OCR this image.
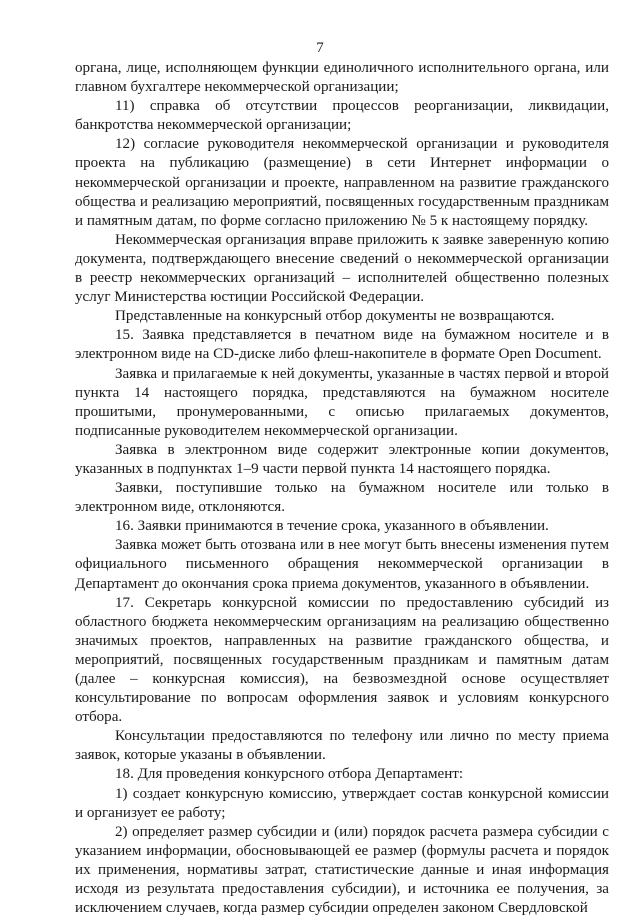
7

органа, лице, исполняющем функции единоличного исполнительного органа, или главном бухгалтере некоммерческой организации;

11) справка об отсутствии процессов реорганизации, ликвидации, банкротства некоммерческой организации;

12) согласие руководителя некоммерческой организации и руководителя проекта на публикацию (размещение) в сети Интернет информации о некоммерческой организации и проекте, направленном на развитие гражданского общества и реализацию мероприятий, посвященных государственным праздникам и памятным датам, по форме согласно приложению № 5 к настоящему порядку.

Некоммерческая организация вправе приложить к заявке заверенную копию документа, подтверждающего внесение сведений о некоммерческой организации в реестр некоммерческих организаций – исполнителей общественно полезных услуг Министерства юстиции Российской Федерации.

Представленные на конкурсный отбор документы не возвращаются.

15. Заявка представляется в печатном виде на бумажном носителе и в электронном виде на CD-диске либо флеш-накопителе в формате Open Document.

Заявка и прилагаемые к ней документы, указанные в частях первой и второй пункта 14 настоящего порядка, представляются на бумажном носителе прошитыми, пронумерованными, с описью прилагаемых документов, подписанные руководителем некоммерческой организации.

Заявка в электронном виде содержит электронные копии документов, указанных в подпунктах 1–9 части первой пункта 14 настоящего порядка.

Заявки, поступившие только на бумажном носителе или только в электронном виде, отклоняются.

16. Заявки принимаются в течение срока, указанного в объявлении.

Заявка может быть отозвана или в нее могут быть внесены изменения путем официального письменного обращения некоммерческой организации в Департамент до окончания срока приема документов, указанного в объявлении.

17. Секретарь конкурсной комиссии по предоставлению субсидий из областного бюджета некоммерческим организациям на реализацию общественно значимых проектов, направленных на развитие гражданского общества, и мероприятий, посвященных государственным праздникам и памятным датам (далее – конкурсная комиссия), на безвозмездной основе осуществляет консультирование по вопросам оформления заявок и условиям конкурсного отбора.

Консультации предоставляются по телефону или лично по месту приема заявок, которые указаны в объявлении.

18. Для проведения конкурсного отбора Департамент:

1) создает конкурсную комиссию, утверждает состав конкурсной комиссии и организует ее работу;

2) определяет размер субсидии и (или) порядок расчета размера субсидии с указанием информации, обосновывающей ее размер (формулы расчета и порядок их применения, нормативы затрат, статистические данные и иная информация исходя из результата предоставления субсидии), и источника ее получения, за исключением случаев, когда размер субсидии определен законом Свердловской
